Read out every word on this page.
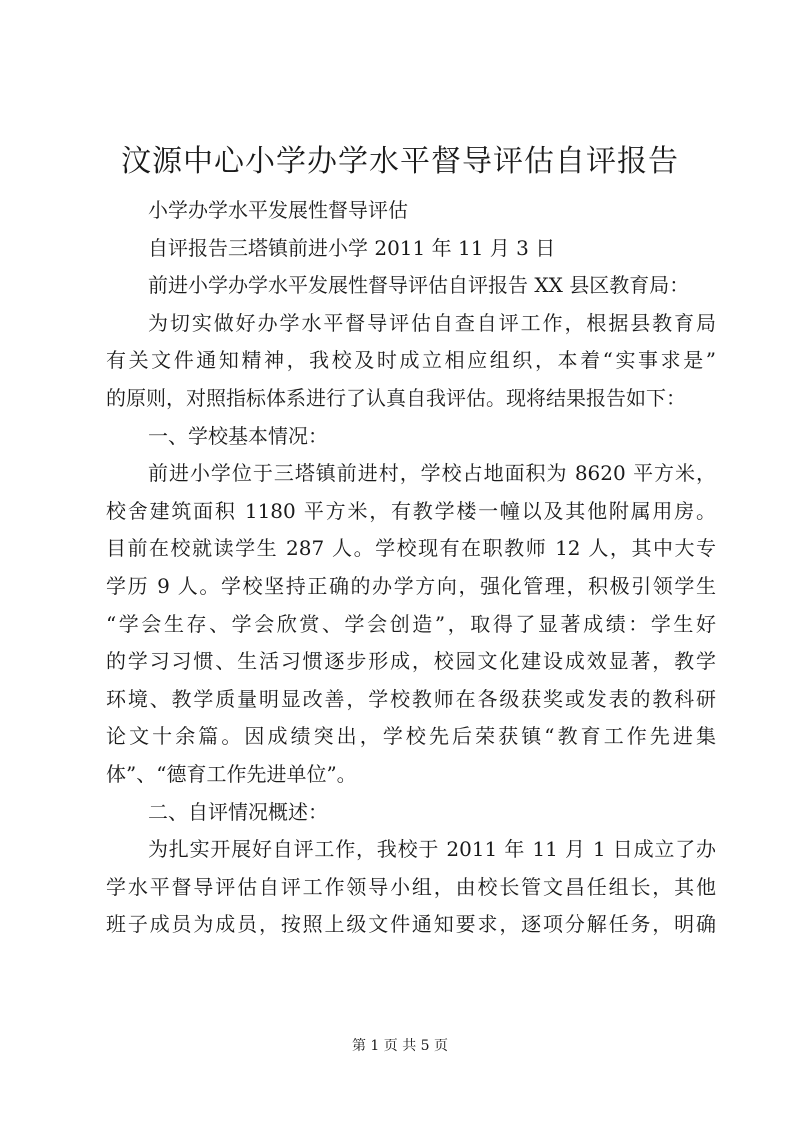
汶源中心小学办学水平督导评估自评报告
小学办学水平发展性督导评估
自评报告三塔镇前进小学 2011 年 11 月 3 日
前进小学办学水平发展性督导评估自评报告 XX 县区教育局：
为切实做好办学水平督导评估自查自评工作，根据县教育局
有关文件通知精神，我校及时成立相应组织，本着“实事求是”
的原则，对照指标体系进行了认真自我评估。现将结果报告如下：
一、学校基本情况：
前进小学位于三塔镇前进村，学校占地面积为 8620 平方米，
校舍建筑面积 1180 平方米，有教学楼一幢以及其他附属用房。
目前在校就读学生 287 人。学校现有在职教师 12 人，其中大专
学历 9 人。学校坚持正确的办学方向，强化管理，积极引领学生
“学会生存、学会欣赏、学会创造”，取得了显著成绩：学生好
的学习习惯、生活习惯逐步形成，校园文化建设成效显著，教学
环境、教学质量明显改善，学校教师在各级获奖或发表的教科研
论文十余篇。因成绩突出，学校先后荣获镇“教育工作先进集
体”、“德育工作先进单位”。
二、自评情况概述：
为扎实开展好自评工作，我校于 2011 年 11 月 1 日成立了办
学水平督导评估自评工作领导小组，由校长管文昌任组长，其他
班子成员为成员，按照上级文件通知要求，逐项分解任务，明确
第 1 页 共 5 页
